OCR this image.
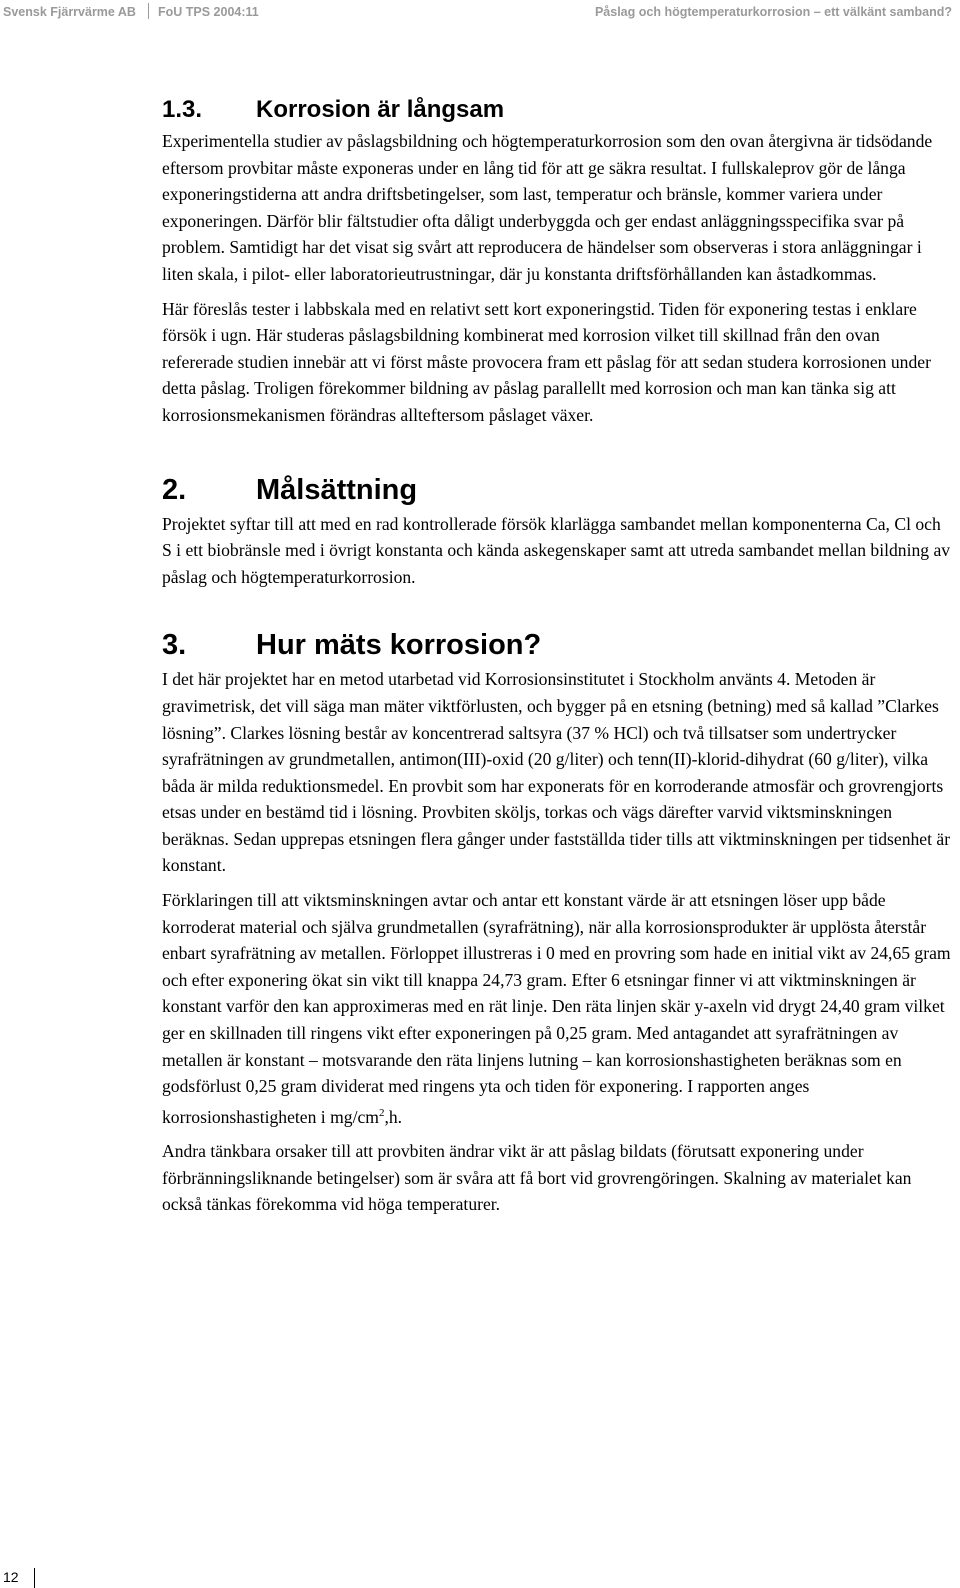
Svensk Fjärrvärme AB FoU TPS 2004:11	Påslag och högtemperaturkorrosion – ett välkänt samband?
1.3.	Korrosion är långsam

Experimentella studier av påslagsbildning och högtemperaturkorrosion som den ovan återgivna är tidsödande eftersom provbitar måste exponeras under en lång tid för att ge säkra resultat. I fullskaleprov gör de långa exponeringstiderna att andra driftsbetingelser, som last, temperatur och bränsle, kommer variera under exponeringen. Därför blir fältstudier ofta dåligt underbyggda och ger endast anläggningsspecifika svar på problem. Samtidigt har det visat sig svårt att reproducera de händelser som observeras i stora anläggningar i liten skala, i pilot- eller laboratorieutrustningar, där ju konstanta driftsförhållanden kan åstadkommas.

Här föreslås tester i labbskala med en relativt sett kort exponeringstid. Tiden för exponering testas i enklare försök i ugn. Här studeras påslagsbildning kombinerat med korrosion vilket till skillnad från den ovan refererade studien innebär att vi först måste provocera fram ett påslag för att sedan studera korrosionen under detta påslag. Troligen förekommer bildning av påslag parallellt med korrosion och man kan tänka sig att korrosionsmekanismen förändras allteftersom påslaget växer.

2.	Målsättning

Projektet syftar till att med en rad kontrollerade försök klarlägga sambandet mellan komponenterna Ca, Cl och S i ett biobränsle med i övrigt konstanta och kända askegenskaper samt att utreda sambandet mellan bildning av påslag och högtemperaturkorrosion.

3.	Hur mäts korrosion?

I det här projektet har en metod utarbetad vid Korrosionsinstitutet i Stockholm använts 4. Metoden är gravimetrisk, det vill säga man mäter viktförlusten, och bygger på en etsning (betning) med så kallad ”Clarkes lösning”. Clarkes lösning består av koncentrerad saltsyra (37 % HCl) och två tillsatser som undertrycker syrafrätningen av grundmetallen, antimon(III)-oxid (20 g/liter) och tenn(II)-klorid-dihydrat (60 g/liter), vilka båda är milda reduktionsmedel. En provbit som har exponerats för en korroderande atmosfär och grovrengjorts etsas under en bestämd tid i lösning. Provbiten sköljs, torkas och vägs därefter varvid viktsminskningen beräknas. Sedan upprepas etsningen flera gånger under fastställda tider tills att viktminskningen per tidsenhet är konstant.

Förklaringen till att viktsminskningen avtar och antar ett konstant värde är att etsningen löser upp både korroderat material och själva grundmetallen (syrafrätning), när alla korrosionsprodukter är upplösta återstår enbart syrafrätning av metallen. Förloppet illustreras i 0 med en provring som hade en initial vikt av 24,65 gram och efter exponering ökat sin vikt till knappa 24,73 gram. Efter 6 etsningar finner vi att viktminskningen är konstant varför den kan approximeras med en rät linje. Den räta linjen skär y-axeln vid drygt 24,40 gram vilket ger en skillnaden till ringens vikt efter exponeringen på 0,25 gram. Med antagandet att syrafrätningen av metallen är konstant – motsvarande den räta linjens lutning – kan korrosionshastigheten beräknas som en godsförlust 0,25 gram dividerat med ringens yta och tiden för exponering. I rapporten anges korrosionshastigheten i $mg/cm^2,h$.

Andra tänkbara orsaker till att provbiten ändrar vikt är att påslag bildats (förutsatt exponering under förbränningsliknande betingelser) som är svåra att få bort vid grovrengöringen. Skalning av materialet kan också tänkas förekomma vid höga temperaturer.

12
